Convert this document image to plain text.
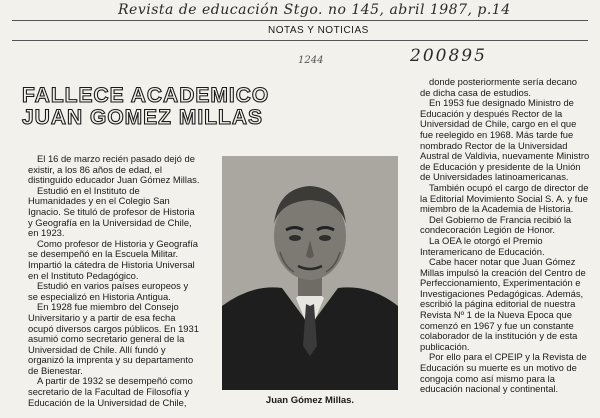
Revista de educación Stgo. no 145, abril 1987, p.14
NOTAS Y NOTICIAS
200895
1244
FALLECE ACADEMICO
JUAN GOMEZ MILLAS

El 16 de marzo recién pasado dejó de existir, a los 86 años de edad, el distinguido educador Juan Gómez Millas.

Estudió en el Instituto de Humanidades y en el Colegio San Ignacio. Se tituló de profesor de Historia y Geografía en la Universidad de Chile, en 1923.

Como profesor de Historia y Geografía se desempeñó en la Escuela Militar. Impartió la cátedra de Historia Universal en el Instituto Pedagógico.

Estudió en varios países europeos y se especializó en Historia Antigua.

En 1928 fue miembro del Consejo Universitario y a partir de esa fecha ocupó diversos cargos públicos. En 1931 asumió como secretario general de la Universidad de Chile. Allí fundó y organizó la imprenta y su departamento de Bienestar.

A partir de 1932 se desempeñó como secretario de la Facultad de Filosofía y Educación de la Universidad de Chile,

donde posteriormente sería decano de dicha casa de estudios.

En 1953 fue designado Ministro de Educación y después Rector de la Universidad de Chile, cargo en el que fue reelegido en 1968. Más tarde fue nombrado Rector de la Universidad Austral de Valdivia, nuevamente Ministro de Educación y presidente de la Unión de Universidades latinoamericanas.

También ocupó el cargo de director de la Editorial Movimiento Social S. A. y fue miembro de la Academia de Historia.

Del Gobierno de Francia recibió la condecoración Legión de Honor.

La OEA le otorgó el Premio Interamericano de Educación.

Cabe hacer notar que Juan Gómez Millas impulsó la creación del Centro de Perfeccionamiento, Experimentación e Investigaciones Pedagógicas. Además, escribió la página editorial de nuestra Revista Nº 1 de la Nueva Epoca que comenzó en 1967 y fue un constante colaborador de la institución y de esta publicación.

Por ello para el CPEIP y la Revista de Educación su muerte es un motivo de congoja como así mismo para la educación nacional y continental.

Juan Gómez Millas.
